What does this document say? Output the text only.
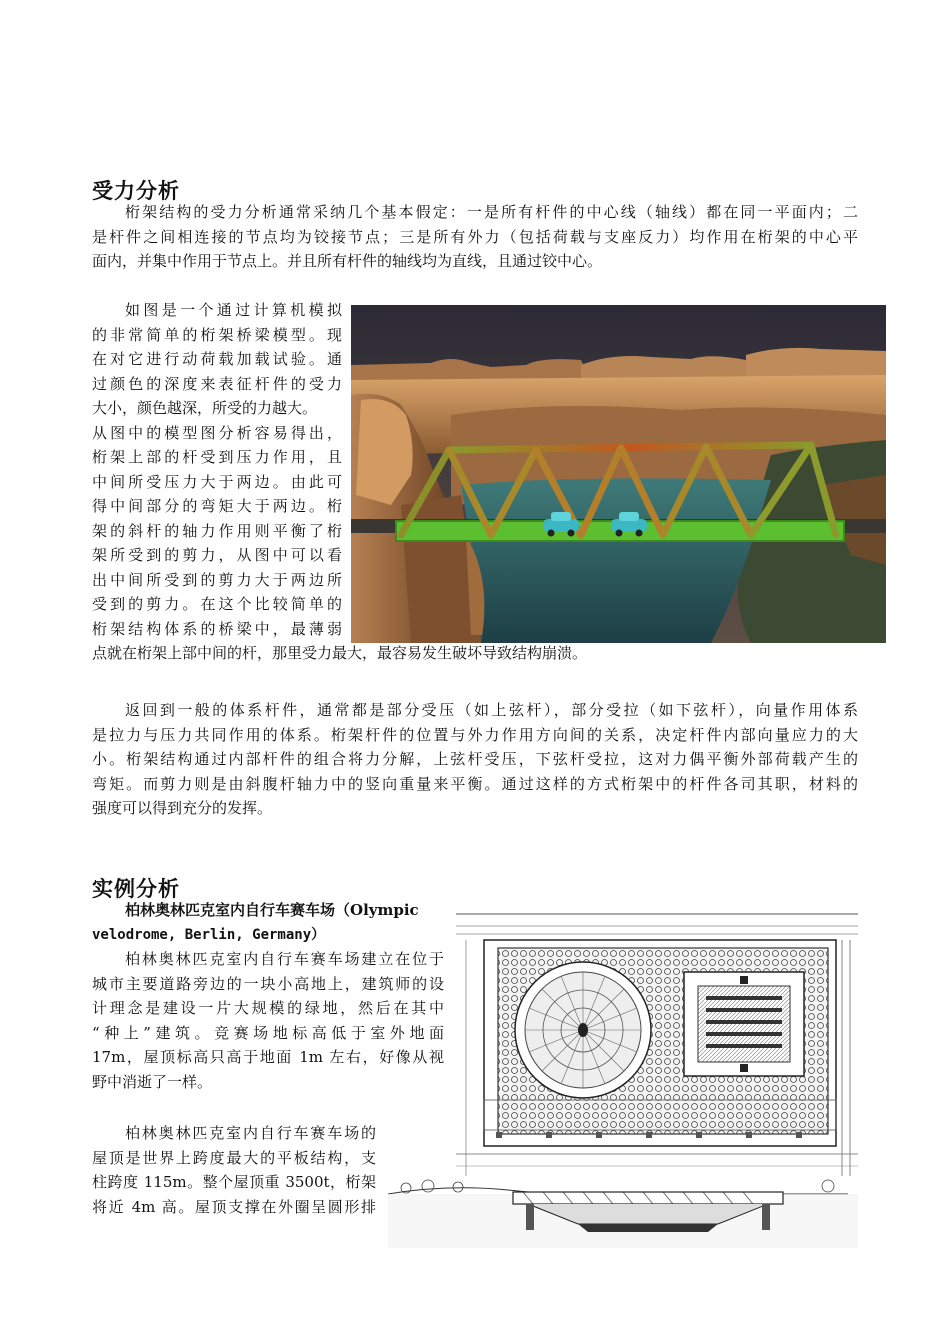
受力分析
桁架结构的受力分析通常采纳几个基本假定：一是所有杆件的中心线（轴线）都在同一平面内；二
是杆件之间相连接的节点均为铰接节点；三是所有外力（包括荷载与支座反力）均作用在桁架的中心平
面内，并集中作用于节点上。并且所有杆件的轴线均为直线，且通过铰中心。
如图是一个通过计算机模拟
的非常简单的桁架桥梁模型。现
在对它进行动荷载加载试验。通
过颜色的深度来表征杆件的受力
大小，颜色越深，所受的力越大。
从图中的模型图分析容易得出，
桁架上部的杆受到压力作用，且
中间所受压力大于两边。由此可
得中间部分的弯矩大于两边。桁
架的斜杆的轴力作用则平衡了桁
架所受到的剪力，从图中可以看
出中间所受到的剪力大于两边所
受到的剪力。在这个比较简单的
桁架结构体系的桥梁中，最薄弱
点就在桁架上部中间的杆，那里受力最大，最容易发生破坏导致结构崩溃。
返回到一般的体系杆件，通常都是部分受压（如上弦杆），部分受拉（如下弦杆），向量作用体系
是拉力与压力共同作用的体系。桁架杆件的位置与外力作用方向间的关系，决定杆件内部向量应力的大
小。桁架结构通过内部杆件的组合将力分解，上弦杆受压，下弦杆受拉，这对力偶平衡外部荷载产生的
弯矩。而剪力则是由斜腹杆轴力中的竖向重量来平衡。通过这样的方式桁架中的杆件各司其职，材料的
强度可以得到充分的发挥。
实例分析
柏林奥林匹克室内自行车赛车场（Olympic
velodrome, Berlin, Germany）
柏林奥林匹克室内自行车赛车场建立在位于
城市主要道路旁边的一块小高地上，建筑师的设
计理念是建设一片大规模的绿地，然后在其中
“种上”建筑。竞赛场地标高低于室外地面
17m，屋顶标高只高于地面 1m 左右，好像从视
野中消逝了一样。
柏林奥林匹克室内自行车赛车场的
屋顶是世界上跨度最大的平板结构，支
柱跨度 115m。整个屋顶重 3500t，桁架
将近 4m 高。屋顶支撑在外圈呈圆形排
